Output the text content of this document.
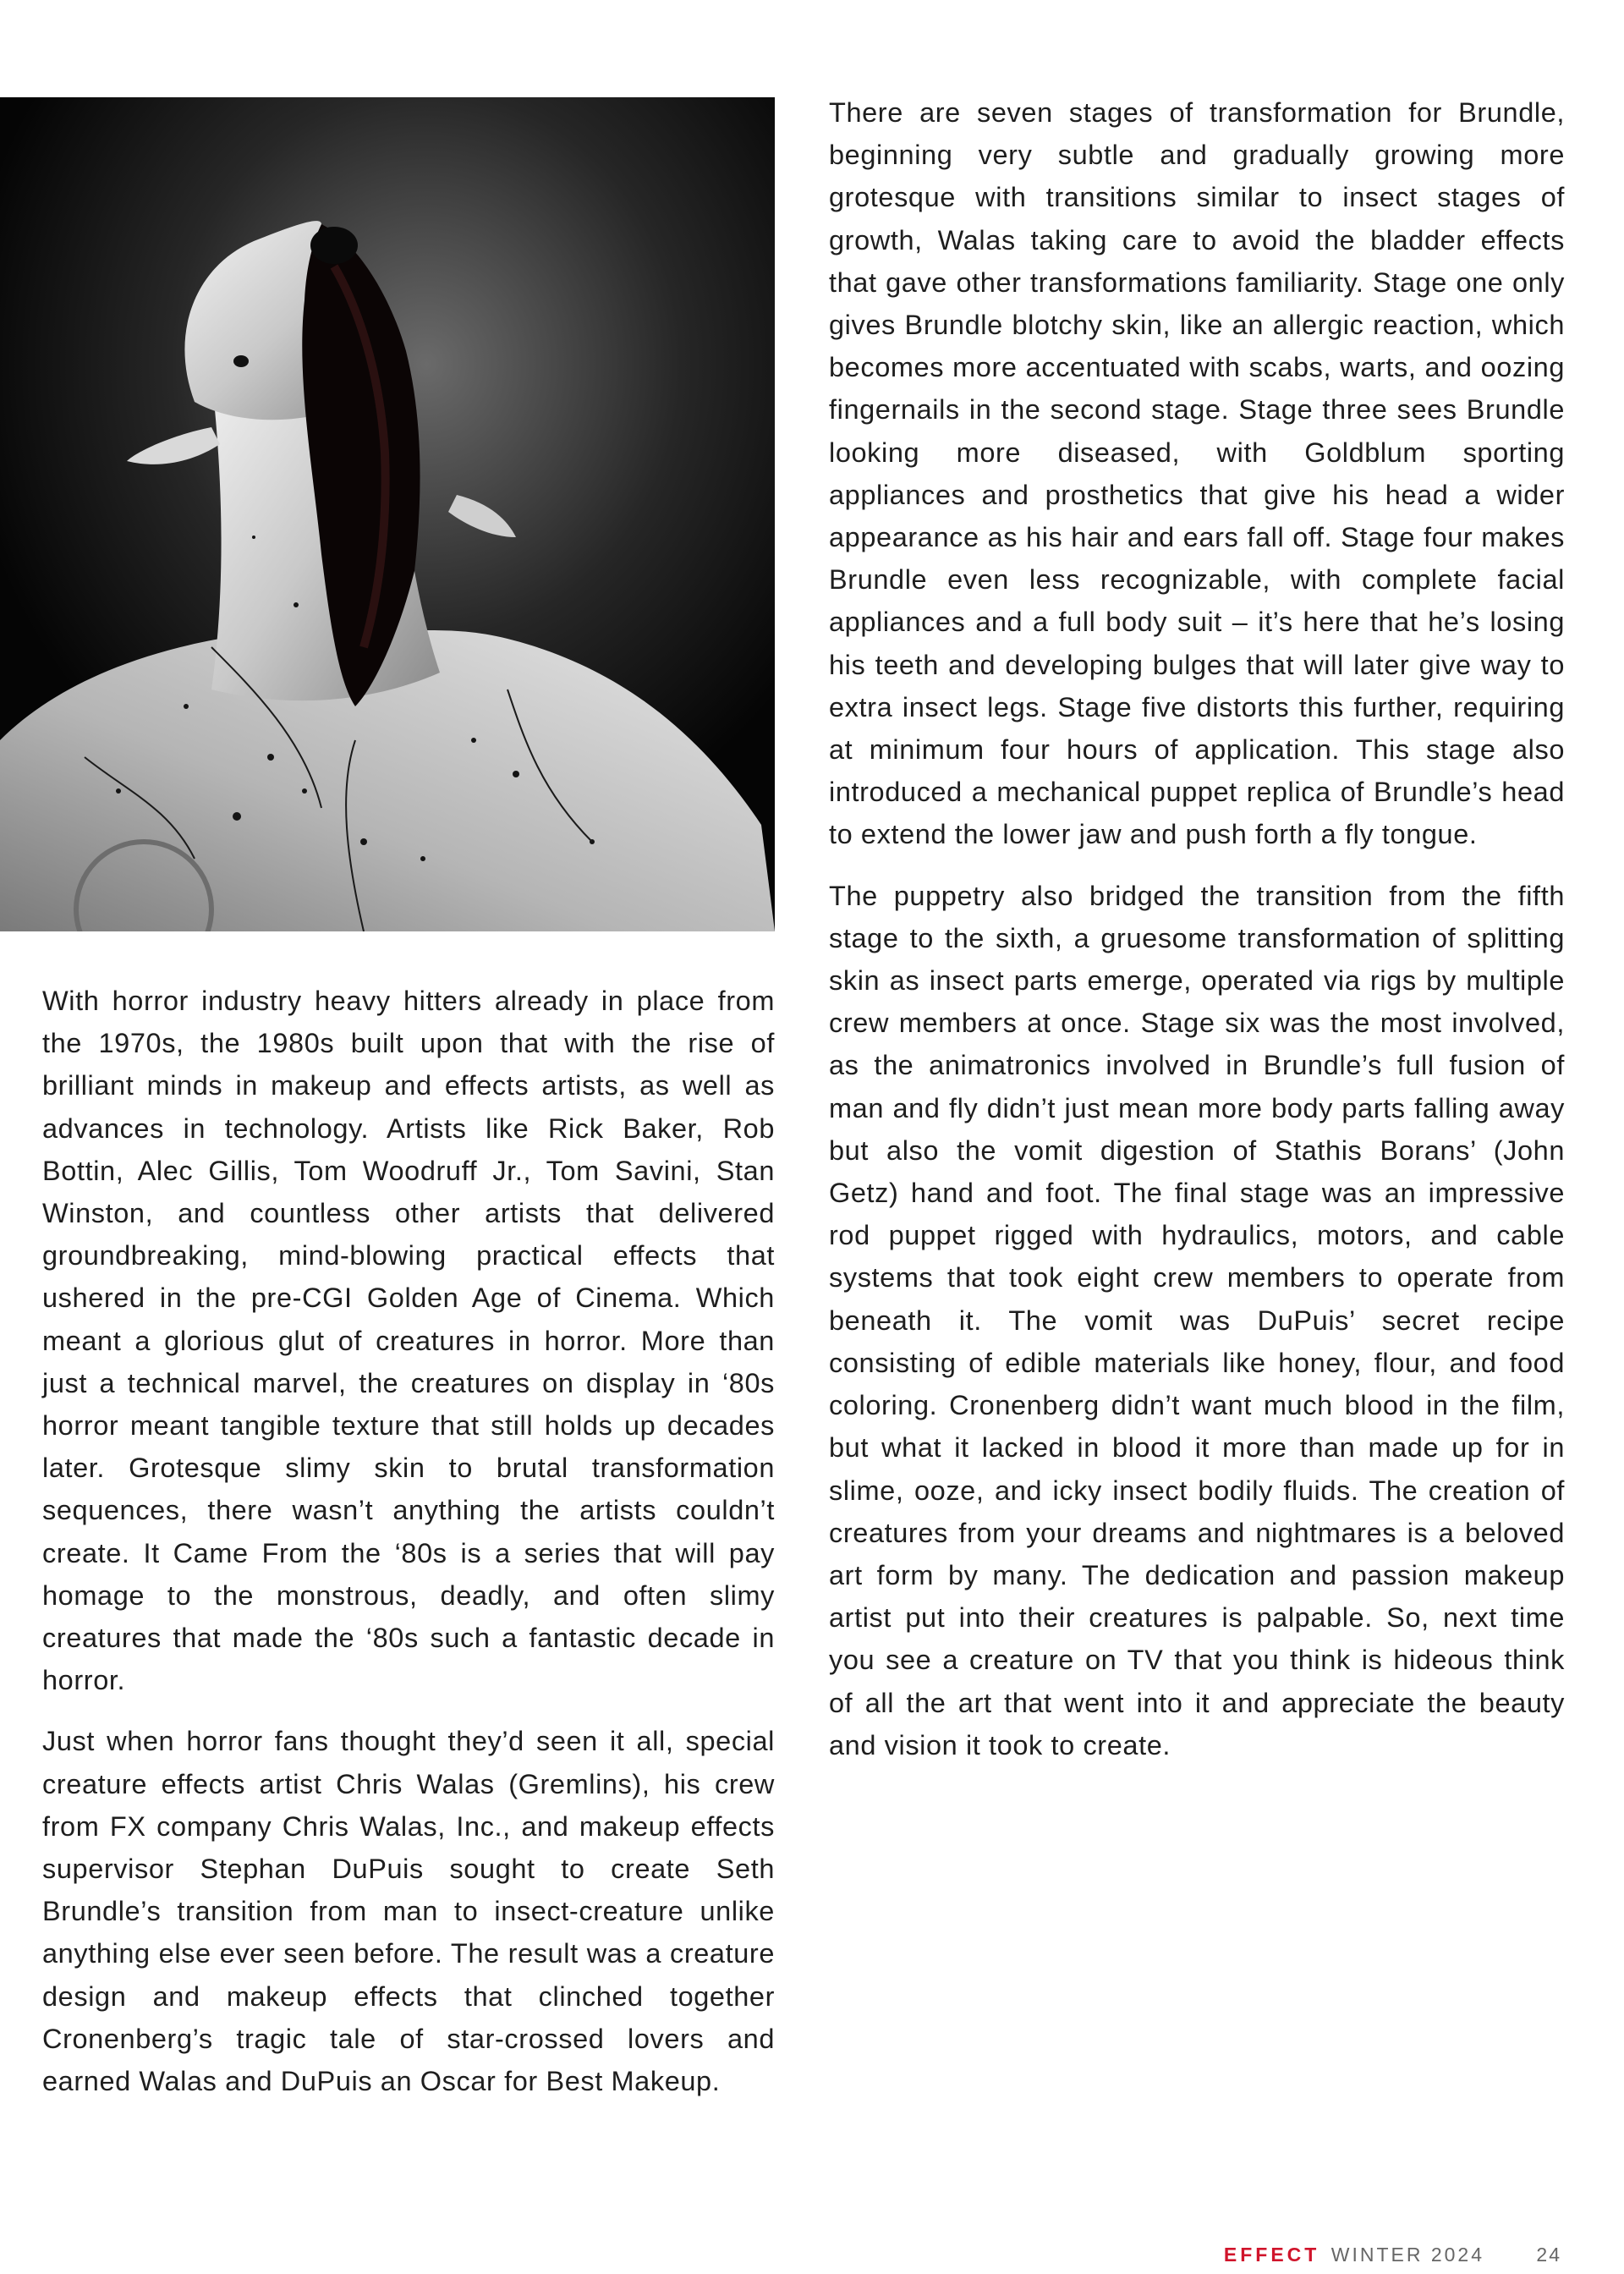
With horror industry heavy hitters already in place from the 1970s, the 1980s built upon that with the rise of brilliant minds in makeup and effects artists, as well as advances in technology. Artists like Rick Baker, Rob Bottin, Alec Gillis, Tom Woodruff Jr., Tom Savini, Stan Winston, and countless other artists that delivered groundbreaking, mind-blowing practical effects that ushered in the pre-CGI Golden Age of Cinema. Which meant a glorious glut of creatures in horror. More than just a technical marvel, the creatures on display in ‘80s horror meant tangible texture that still holds up decades later. Grotesque slimy skin to brutal transformation sequences, there wasn’t anything the artists couldn’t create. It Came From the ‘80s is a series that will pay homage to the monstrous, deadly, and often slimy creatures that made the ‘80s such a fantastic decade in horror.

Just when horror fans thought they’d seen it all, special creature effects artist Chris Walas (Gremlins), his crew from FX company Chris Walas, Inc., and makeup effects supervisor Stephan DuPuis sought to create Seth Brundle’s transition from man to insect-creature unlike anything else ever seen before. The result was a creature design and makeup effects that clinched together Cronenberg’s tragic tale of star-crossed lovers and earned Walas and DuPuis an Oscar for Best Makeup.

There are seven stages of transformation for Brundle, beginning very subtle and gradually growing more grotesque with transitions similar to insect stages of growth, Walas taking care to avoid the bladder effects that gave other transformations familiarity. Stage one only gives Brundle blotchy skin, like an allergic reaction, which becomes more accentuated with scabs, warts, and oozing fingernails in the second stage. Stage three sees Brundle looking more diseased, with Goldblum sporting appliances and prosthetics that give his head a wider appearance as his hair and ears fall off. Stage four makes Brundle even less recognizable, with complete facial appliances and a full body suit – it’s here that he’s losing his teeth and developing bulges that will later give way to extra insect legs. Stage five distorts this further, requiring at minimum four hours of application. This stage also introduced a mechanical puppet replica of Brundle’s head to extend the lower jaw and push forth a fly tongue.

The puppetry also bridged the transition from the fifth stage to the sixth, a gruesome transformation of splitting skin as insect parts emerge, operated via rigs by multiple crew members at once. Stage six was the most involved, as the animatronics involved in Brundle’s full fusion of man and fly didn’t just mean more body parts falling away but also the vomit digestion of Stathis Borans’ (John Getz) hand and foot. The final stage was an impressive rod puppet rigged with hydraulics, motors, and cable systems that took eight crew members to operate from beneath it. The vomit was DuPuis’ secret recipe consisting of edible materials like honey, flour, and food coloring. Cronenberg didn’t want much blood in the film, but what it lacked in blood it more than made up for in slime, ooze, and icky insect bodily fluids. The creation of creatures from your dreams and nightmares is a beloved art form by many. The dedication and passion makeup artist put into their creatures is palpable. So, next time you see a creature on TV that you think is hideous think of all the art that went into it and appreciate the beauty and vision it took to create.

EFFECT WINTER 2024	24
